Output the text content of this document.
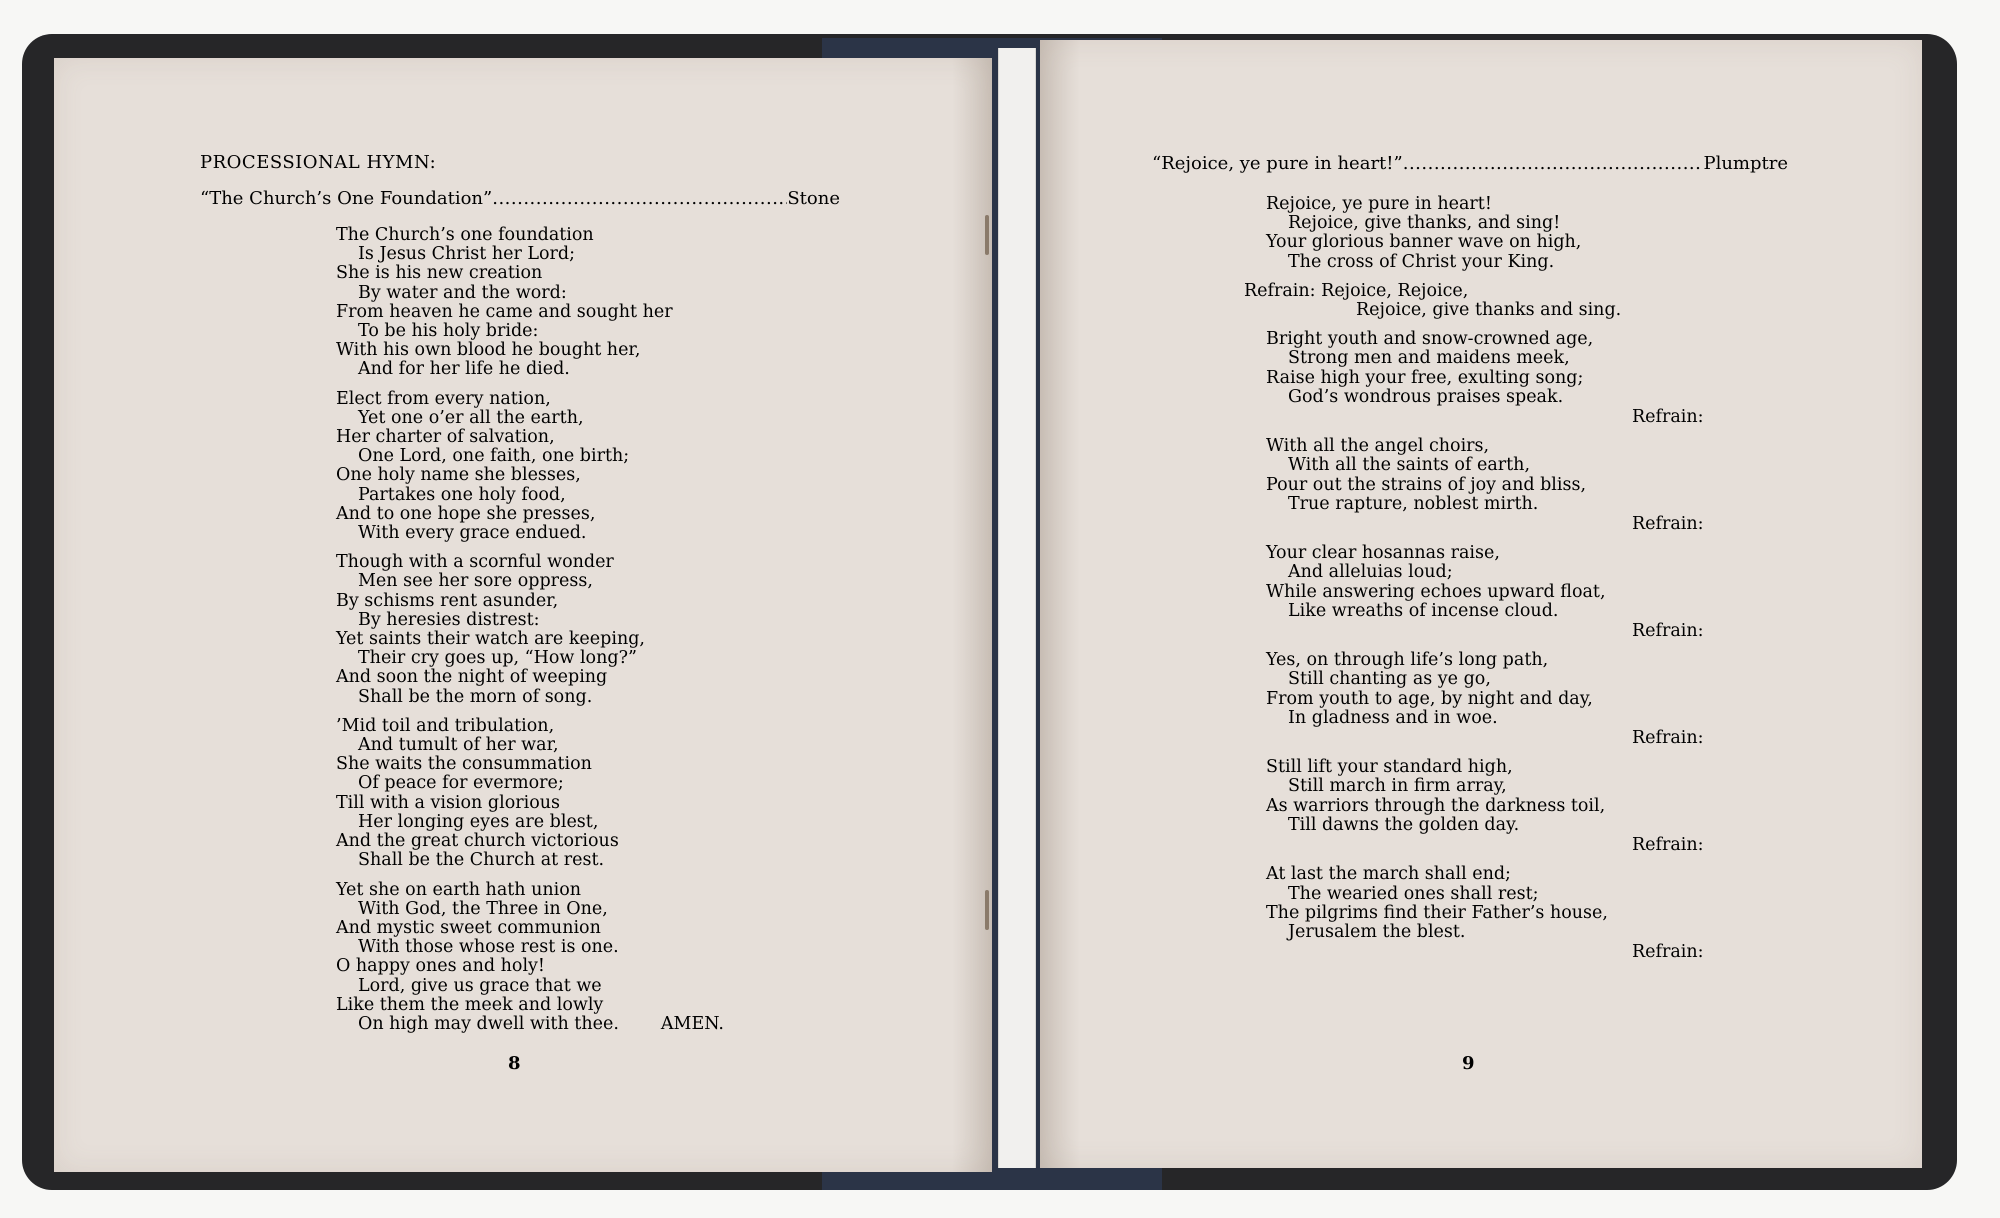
PROCESSIONAL HYMN:
“The Church’s One Foundation” .....	Stone
The Church’s one foundation
Is Jesus Christ her Lord;
She is his new creation
By water and the word:
From heaven he came and sought her
To be his holy bride:
With his own blood he bought her,
And for her life he died.
Elect from every nation,
Yet one o’er all the earth,
Her charter of salvation,
One Lord, one faith, one birth;
One holy name she blesses,
Partakes one holy food,
And to one hope she presses,
With every grace endued.
Though with a scornful wonder
Men see her sore oppress,
By schisms rent asunder,
By heresies distrest:
Yet saints their watch are keeping,
Their cry goes up, “How long?”
And soon the night of weeping
Shall be the morn of song.
’Mid toil and tribulation,
And tumult of her war,
She waits the consummation
Of peace for evermore;
Till with a vision glorious
Her longing eyes are blest,
And the great church victorious
Shall be the Church at rest.
Yet she on earth hath union
With God, the Three in One,
And mystic sweet communion
With those whose rest is one.
O happy ones and holy!
Lord, give us grace that we
Like them the meek and lowly
On high may dwell with thee. AMEN.
8
“Rejoice, ye pure in heart!” .....	Plumptre
Rejoice, ye pure in heart!
Rejoice, give thanks, and sing!
Your glorious banner wave on high,
The cross of Christ your King.
Refrain: Rejoice, Rejoice,
Rejoice, give thanks and sing.
Bright youth and snow-crowned age,
Strong men and maidens meek,
Raise high your free, exulting song;
God’s wondrous praises speak.
Refrain:
With all the angel choirs,
With all the saints of earth,
Pour out the strains of joy and bliss,
True rapture, noblest mirth.
Refrain:
Your clear hosannas raise,
And alleluias loud;
While answering echoes upward float,
Like wreaths of incense cloud.
Refrain:
Yes, on through life’s long path,
Still chanting as ye go,
From youth to age, by night and day,
In gladness and in woe.
Refrain:
Still lift your standard high,
Still march in firm array,
As warriors through the darkness toil,
Till dawns the golden day.
Refrain:
At last the march shall end;
The wearied ones shall rest;
The pilgrims find their Father’s house,
Jerusalem the blest.
Refrain:
9
